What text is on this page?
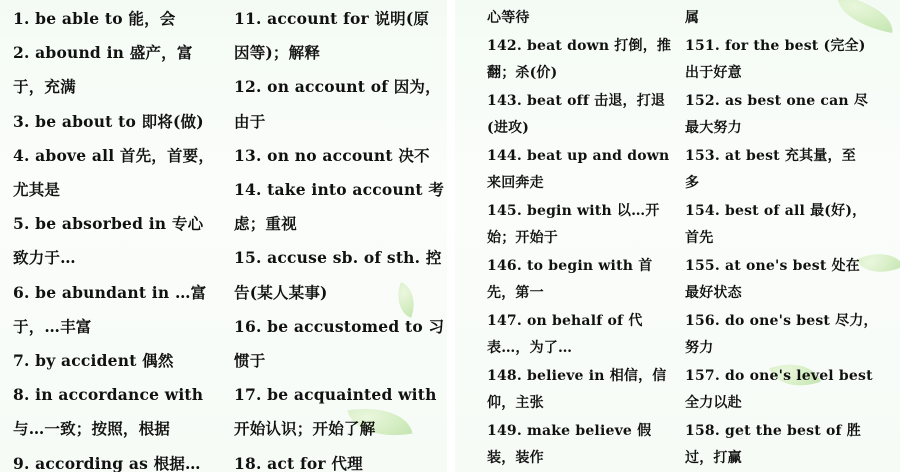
1. be able to 能，会
2. abound in 盛产，富
于，充满
3. be about to 即将(做)
4. above all 首先，首要，
尤其是
5. be absorbed in 专心
致力于…
6. be abundant in …富
于，…丰富
7. by accident 偶然
8. in accordance with
与…一致；按照，根据
9. according as 根据…
11. account for 说明(原
因等)；解释
12. on account of 因为，
由于
13. on no account 决不
14. take into account 考
虑；重视
15. accuse sb. of sth. 控
告(某人某事)
16. be accustomed to 习
惯于
17. be acquainted with
开始认识；开始了解
18. act for 代理
心等待
142. beat down 打倒，推
翻；杀(价)
143. beat off 击退，打退
(进攻)
144. beat up and down
来回奔走
145. begin with 以…开
始；开始于
146. to begin with 首
先，第一
147. on behalf of 代
表…，为了…
148. believe in 相信，信
仰，主张
149. make believe 假
装，装作
属
151. for the best (完全)
出于好意
152. as best one can 尽
最大努力
153. at best 充其量，至
多
154. best of all 最(好)，
首先
155. at one's best 处在
最好状态
156. do one's best 尽力，
努力
157. do one's level best
全力以赴
158. get the best of 胜
过，打赢
